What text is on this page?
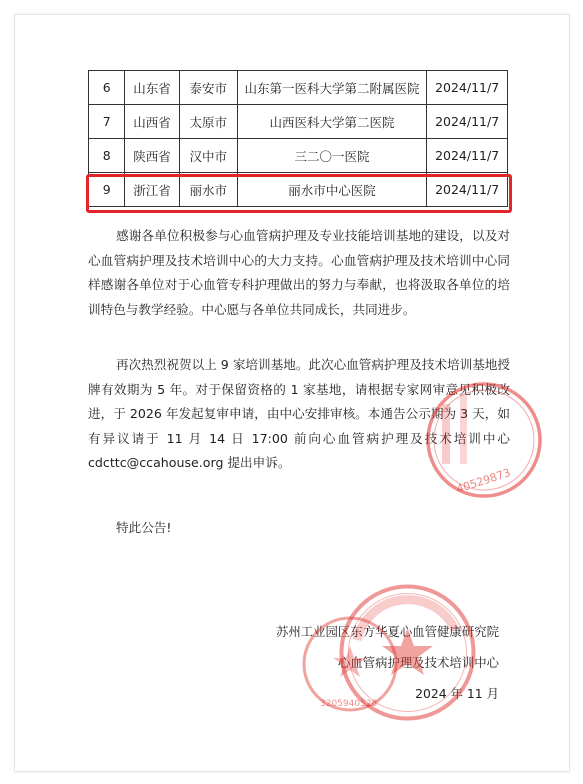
6	山东省	泰安市	山东第一医科大学第二附属医院	2024/11/7
7	山西省	太原市	山西医科大学第二医院	2024/11/7
8	陕西省	汉中市	三二〇一医院	2024/11/7
9	浙江省	丽水市	丽水市中心医院	2024/11/7

感谢各单位积极参与心血管病护理及专业技能培训基地的建设，以及对心血管病护理及技术培训中心的大力支持。心血管病护理及技术培训中心同样感谢各单位对于心血管专科护理做出的努力与奉献，也将汲取各单位的培训特色与教学经验。中心愿与各单位共同成长，共同进步。

再次热烈祝贺以上 9 家培训基地。此次心血管病护理及技术培训基地授牌有效期为 5 年。对于保留资格的 1 家基地，请根据专家网审意见积极改进，于 2026 年发起复审申请，由中心安排审核。本通告公示期为 3 天，如有异议请于 11 月 14 日 17:00 前向心血管病护理及技术培训中心 cdcttc@ccahouse.org 提出申诉。

特此公告!

苏州工业园区东方华夏心血管健康研究院
心血管病护理及技术培训中心
2024 年 11 月
40529873
3205940528
